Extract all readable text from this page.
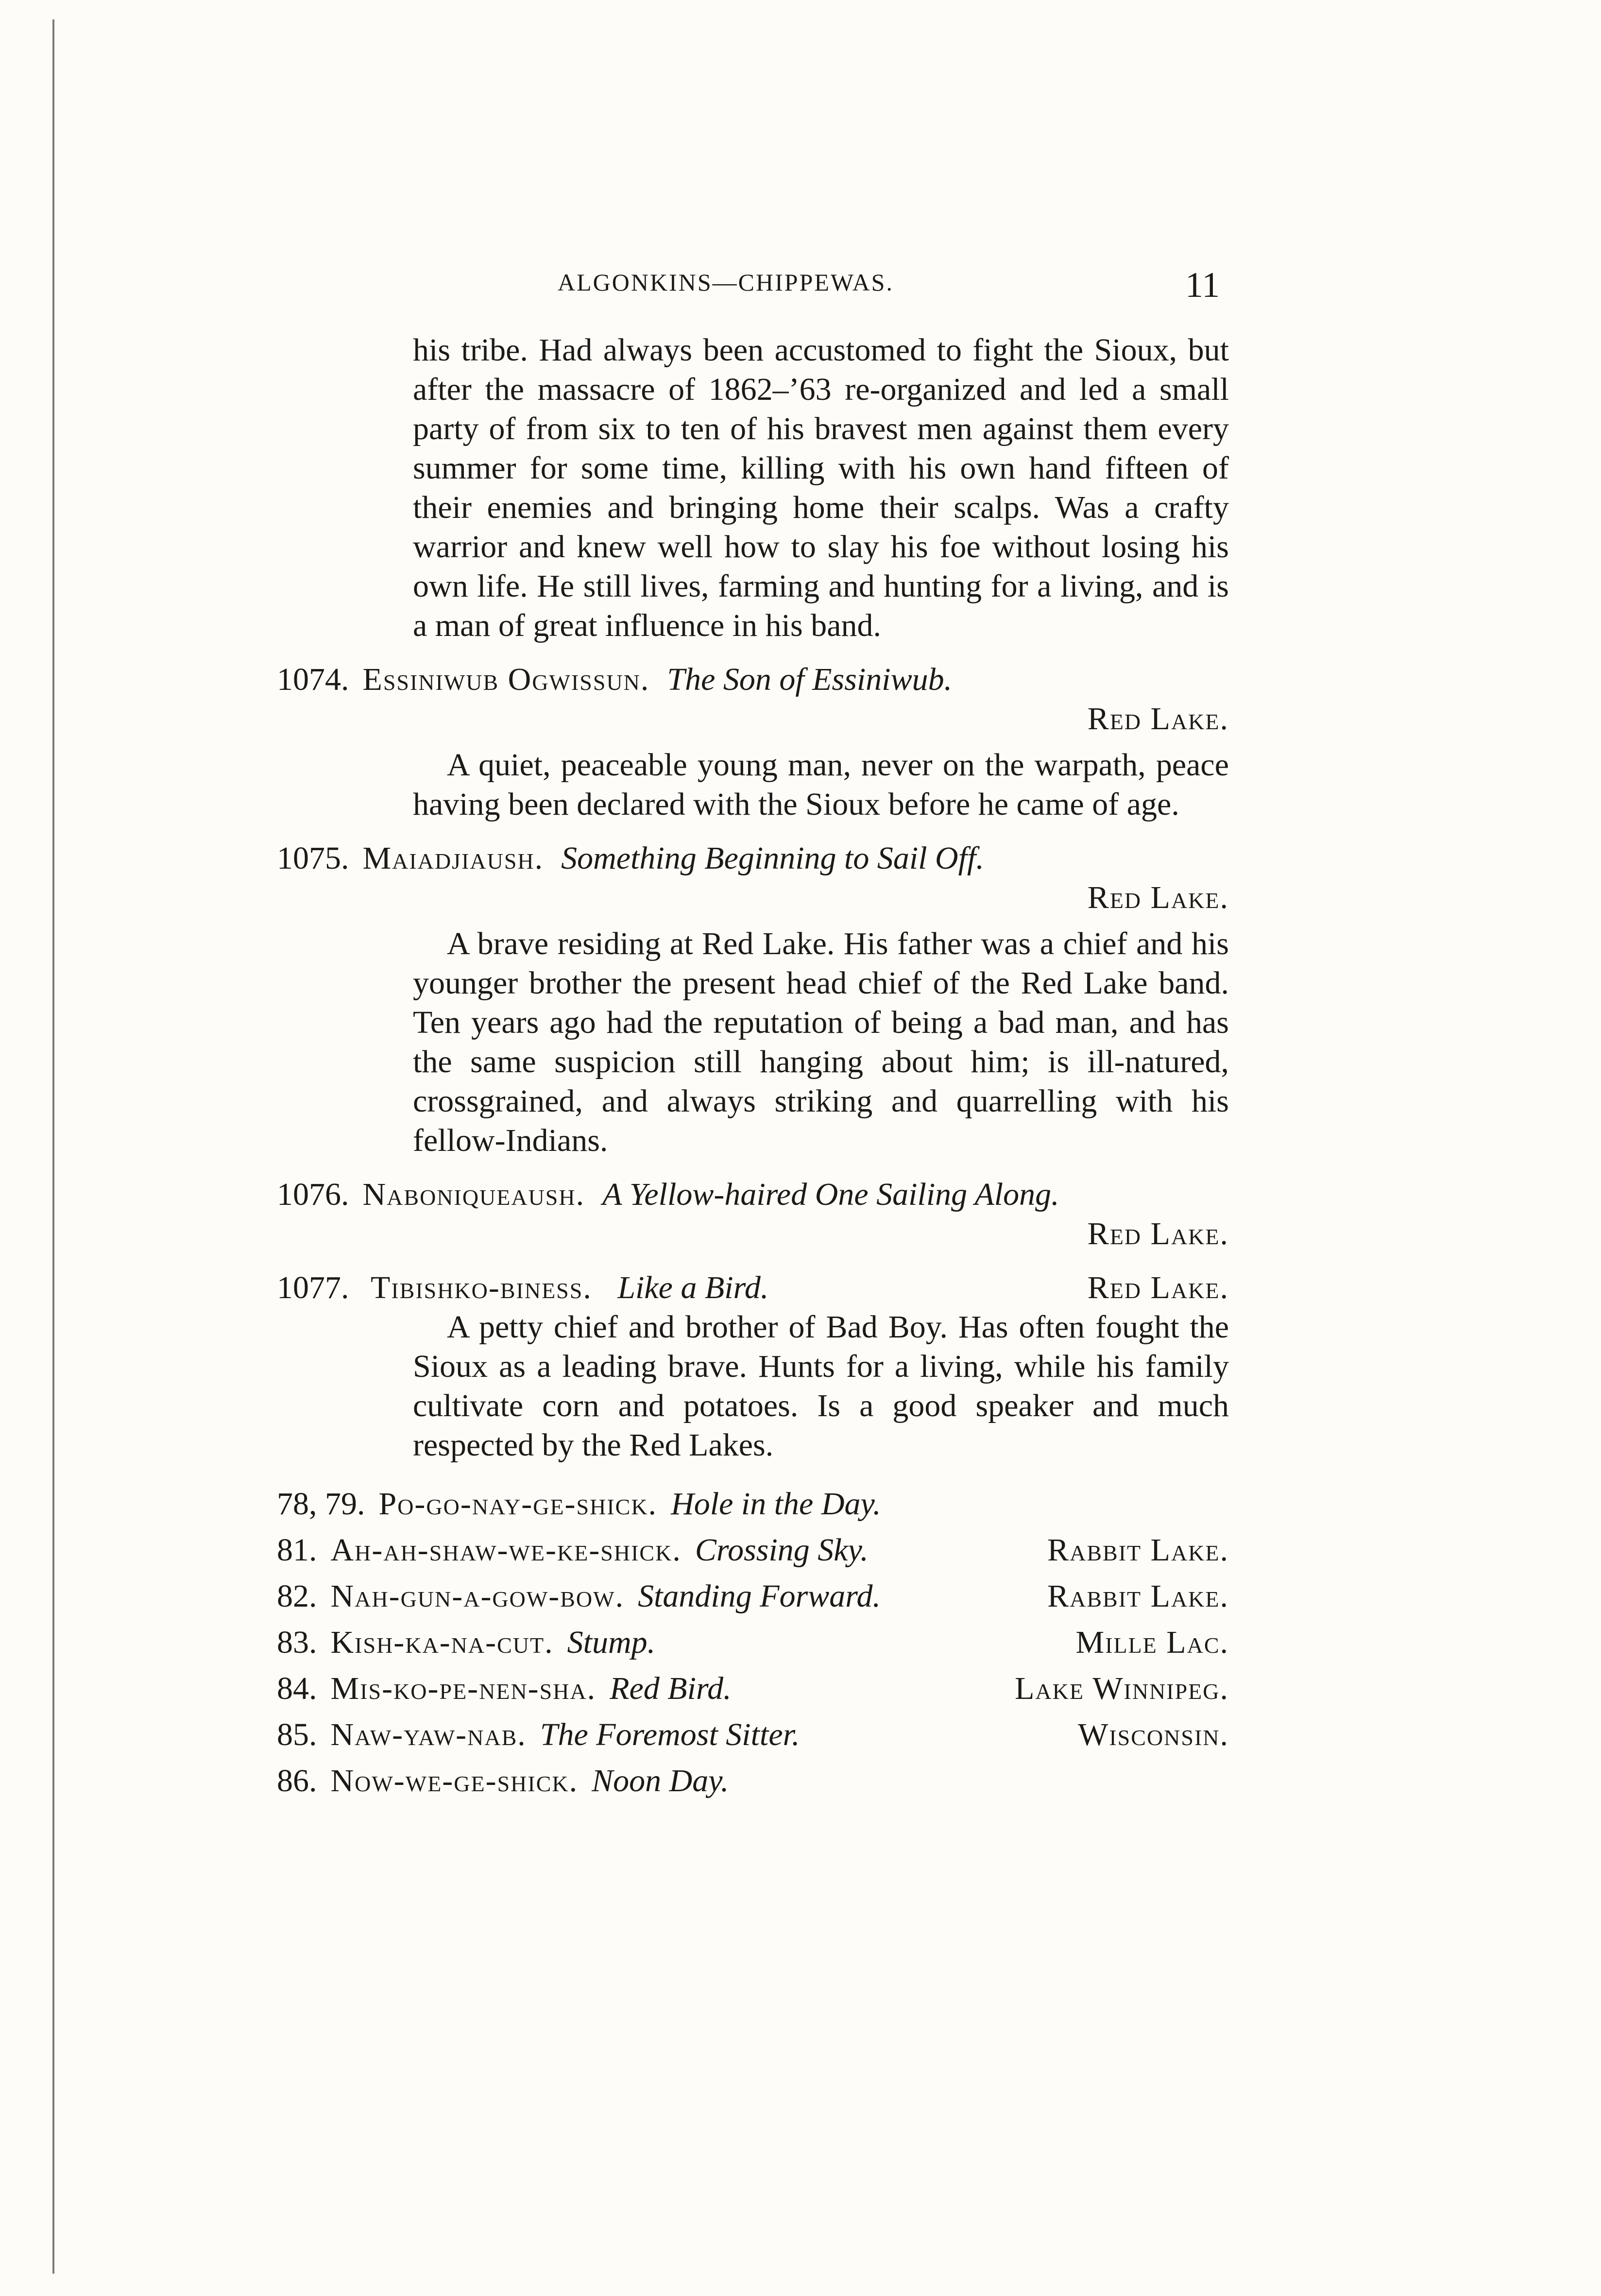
ALGONKINS—CHIPPEWAS.	11

his tribe. Had always been accustomed to fight the Sioux, but after the massacre of 1862–’63 re-organized and led a small party of from six to ten of his bravest men against them every summer for some time, killing with his own hand fifteen of their enemies and bringing home their scalps. Was a crafty warrior and knew well how to slay his foe without losing his own life. He still lives, farming and hunting for a living, and is a man of great influence in his band.

1074. Essiniwub Ogwissun. The Son of Essiniwub.
Red Lake.

A quiet, peaceable young man, never on the warpath, peace having been declared with the Sioux before he came of age.

1075. Maiadjiaush. Something Beginning to Sail Off.
Red Lake.

A brave residing at Red Lake. His father was a chief and his younger brother the present head chief of the Red Lake band. Ten years ago had the reputation of being a bad man, and has the same suspicion still hanging about him; is ill-natured, crossgrained, and always striking and quarrelling with his fellow-Indians.

1076. Naboniqueaush. A Yellow-haired One Sailing Along.
Red Lake.
1077. Tibishko-biness. Like a Bird.	Red Lake.

A petty chief and brother of Bad Boy. Has often fought the Sioux as a leading brave. Hunts for a living, while his family cultivate corn and potatoes. Is a good speaker and much respected by the Red Lakes.

78, 79. Po-go-nay-ge-shick. Hole in the Day.
81. Ah-ah-shaw-we-ke-shick. Crossing Sky.	Rabbit Lake.
82. Nah-gun-a-gow-bow. Standing Forward.	Rabbit Lake.
83. Kish-ka-na-cut. Stump.	Mille Lac.
84. Mis-ko-pe-nen-sha. Red Bird.	Lake Winnipeg.
85. Naw-yaw-nab. The Foremost Sitter.	Wisconsin.
86. Now-we-ge-shick. Noon Day.
